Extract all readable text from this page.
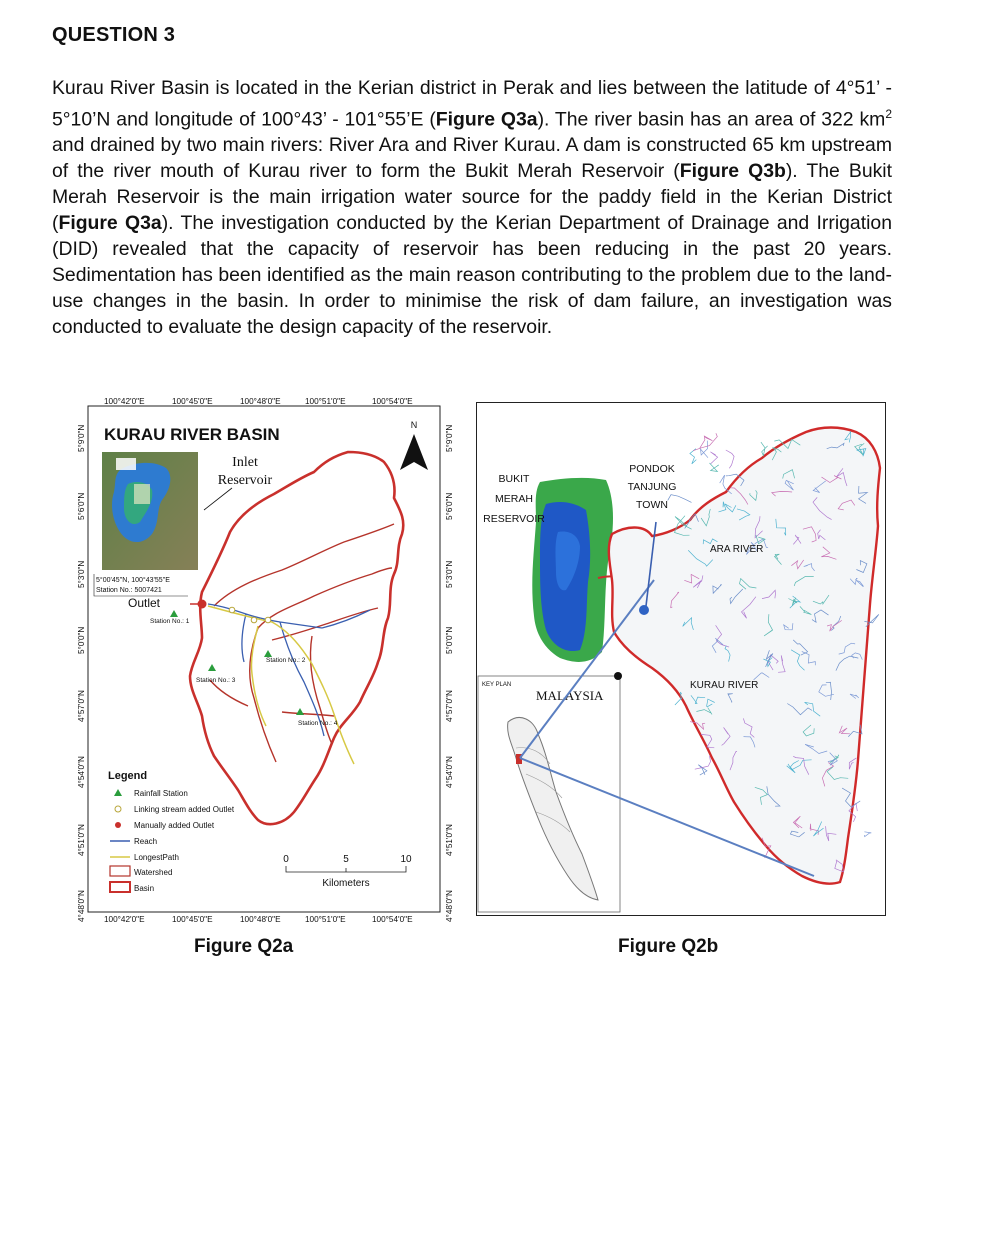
QUESTION 3
Kurau River Basin is located in the Kerian district in Perak and lies between the latitude of 4°51’ - 5°10’N and longitude of 100°43’ - 101°55’E (Figure Q3a). The river basin has an area of 322 $km^2$ and drained by two main rivers: River Ara and River Kurau. A dam is constructed 65 km upstream of the river mouth of Kurau river to form the Bukit Merah Reservoir (Figure Q3b). The Bukit Merah Reservoir is the main irrigation water source for the paddy field in the Kerian District (Figure Q3a). The investigation conducted by the Kerian Department of Drainage and Irrigation (DID) revealed that the capacity of reservoir has been reducing in the past 20 years. Sedimentation has been identified as the main reason contributing to the problem due to the land-use changes in the basin. In order to minimise the risk of dam failure, an investigation was conducted to evaluate the design capacity of the reservoir.
100°42'0"E	100°45'0"E	100°48'0"E	100°51'0"E	100°54'0"E
100°42'0"E	100°45'0"E	100°48'0"E	100°51'0"E	100°54'0"E
5°9'0"N
5°6'0"N
5°3'0"N
5°0'0"N
4°57'0"N
4°54'0"N
4°51'0"N
4°48'0"N
5°9'0"N
5°6'0"N
5°3'0"N
5°0'0"N
4°57'0"N
4°54'0"N
4°51'0"N
4°48'0"N
KURAU RIVER BASIN	N
Inlet
Reservoir
5°00'45''N, 100°43'55''E
Station No.: 5007421
Outlet
Station No.: 1
Station No.: 2
Station No.: 3
Station No.: 4
Legend
Rainfall Station
Linking stream added Outlet
Manually added Outlet
Reach
LongestPath
Watershed
Basin
0	5	10
Kilometers
Figure Q2a
KEY PLAN
MALAYSIA
BUKIT
MERAH
RESERVOIR
PONDOK
TANJUNG
TOWN
ARA RIVER
KURAU RIVER
Figure Q2b
